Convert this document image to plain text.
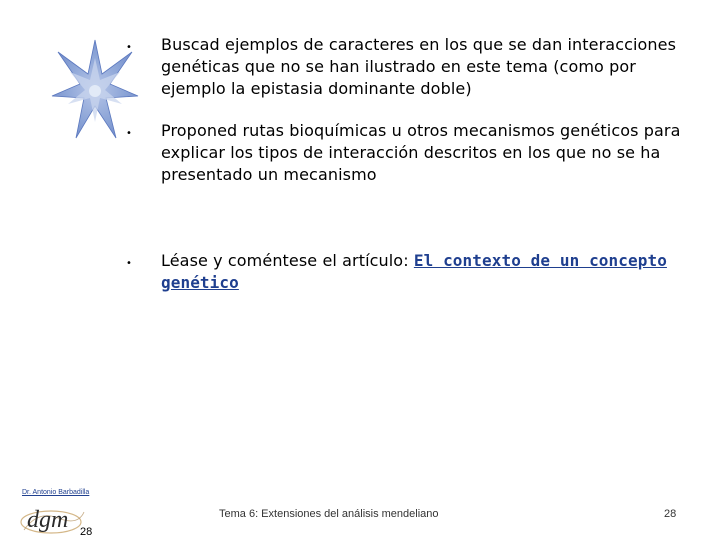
• Buscad ejemplos de caracteres en los que se dan interacciones genéticas que no se han ilustrado en este tema (como por ejemplo la epistasia dominante doble)
• Proponed rutas bioquímicas u otros mecanismos genéticos para explicar los tipos de interacción descritos en los que no se ha presentado un mecanismo
• Léase y coméntese el artículo: El contexto de un concepto genético
Dr. Antonio Barbadilla
dgm 28
Tema 6: Extensiones del análisis mendeliano	28
